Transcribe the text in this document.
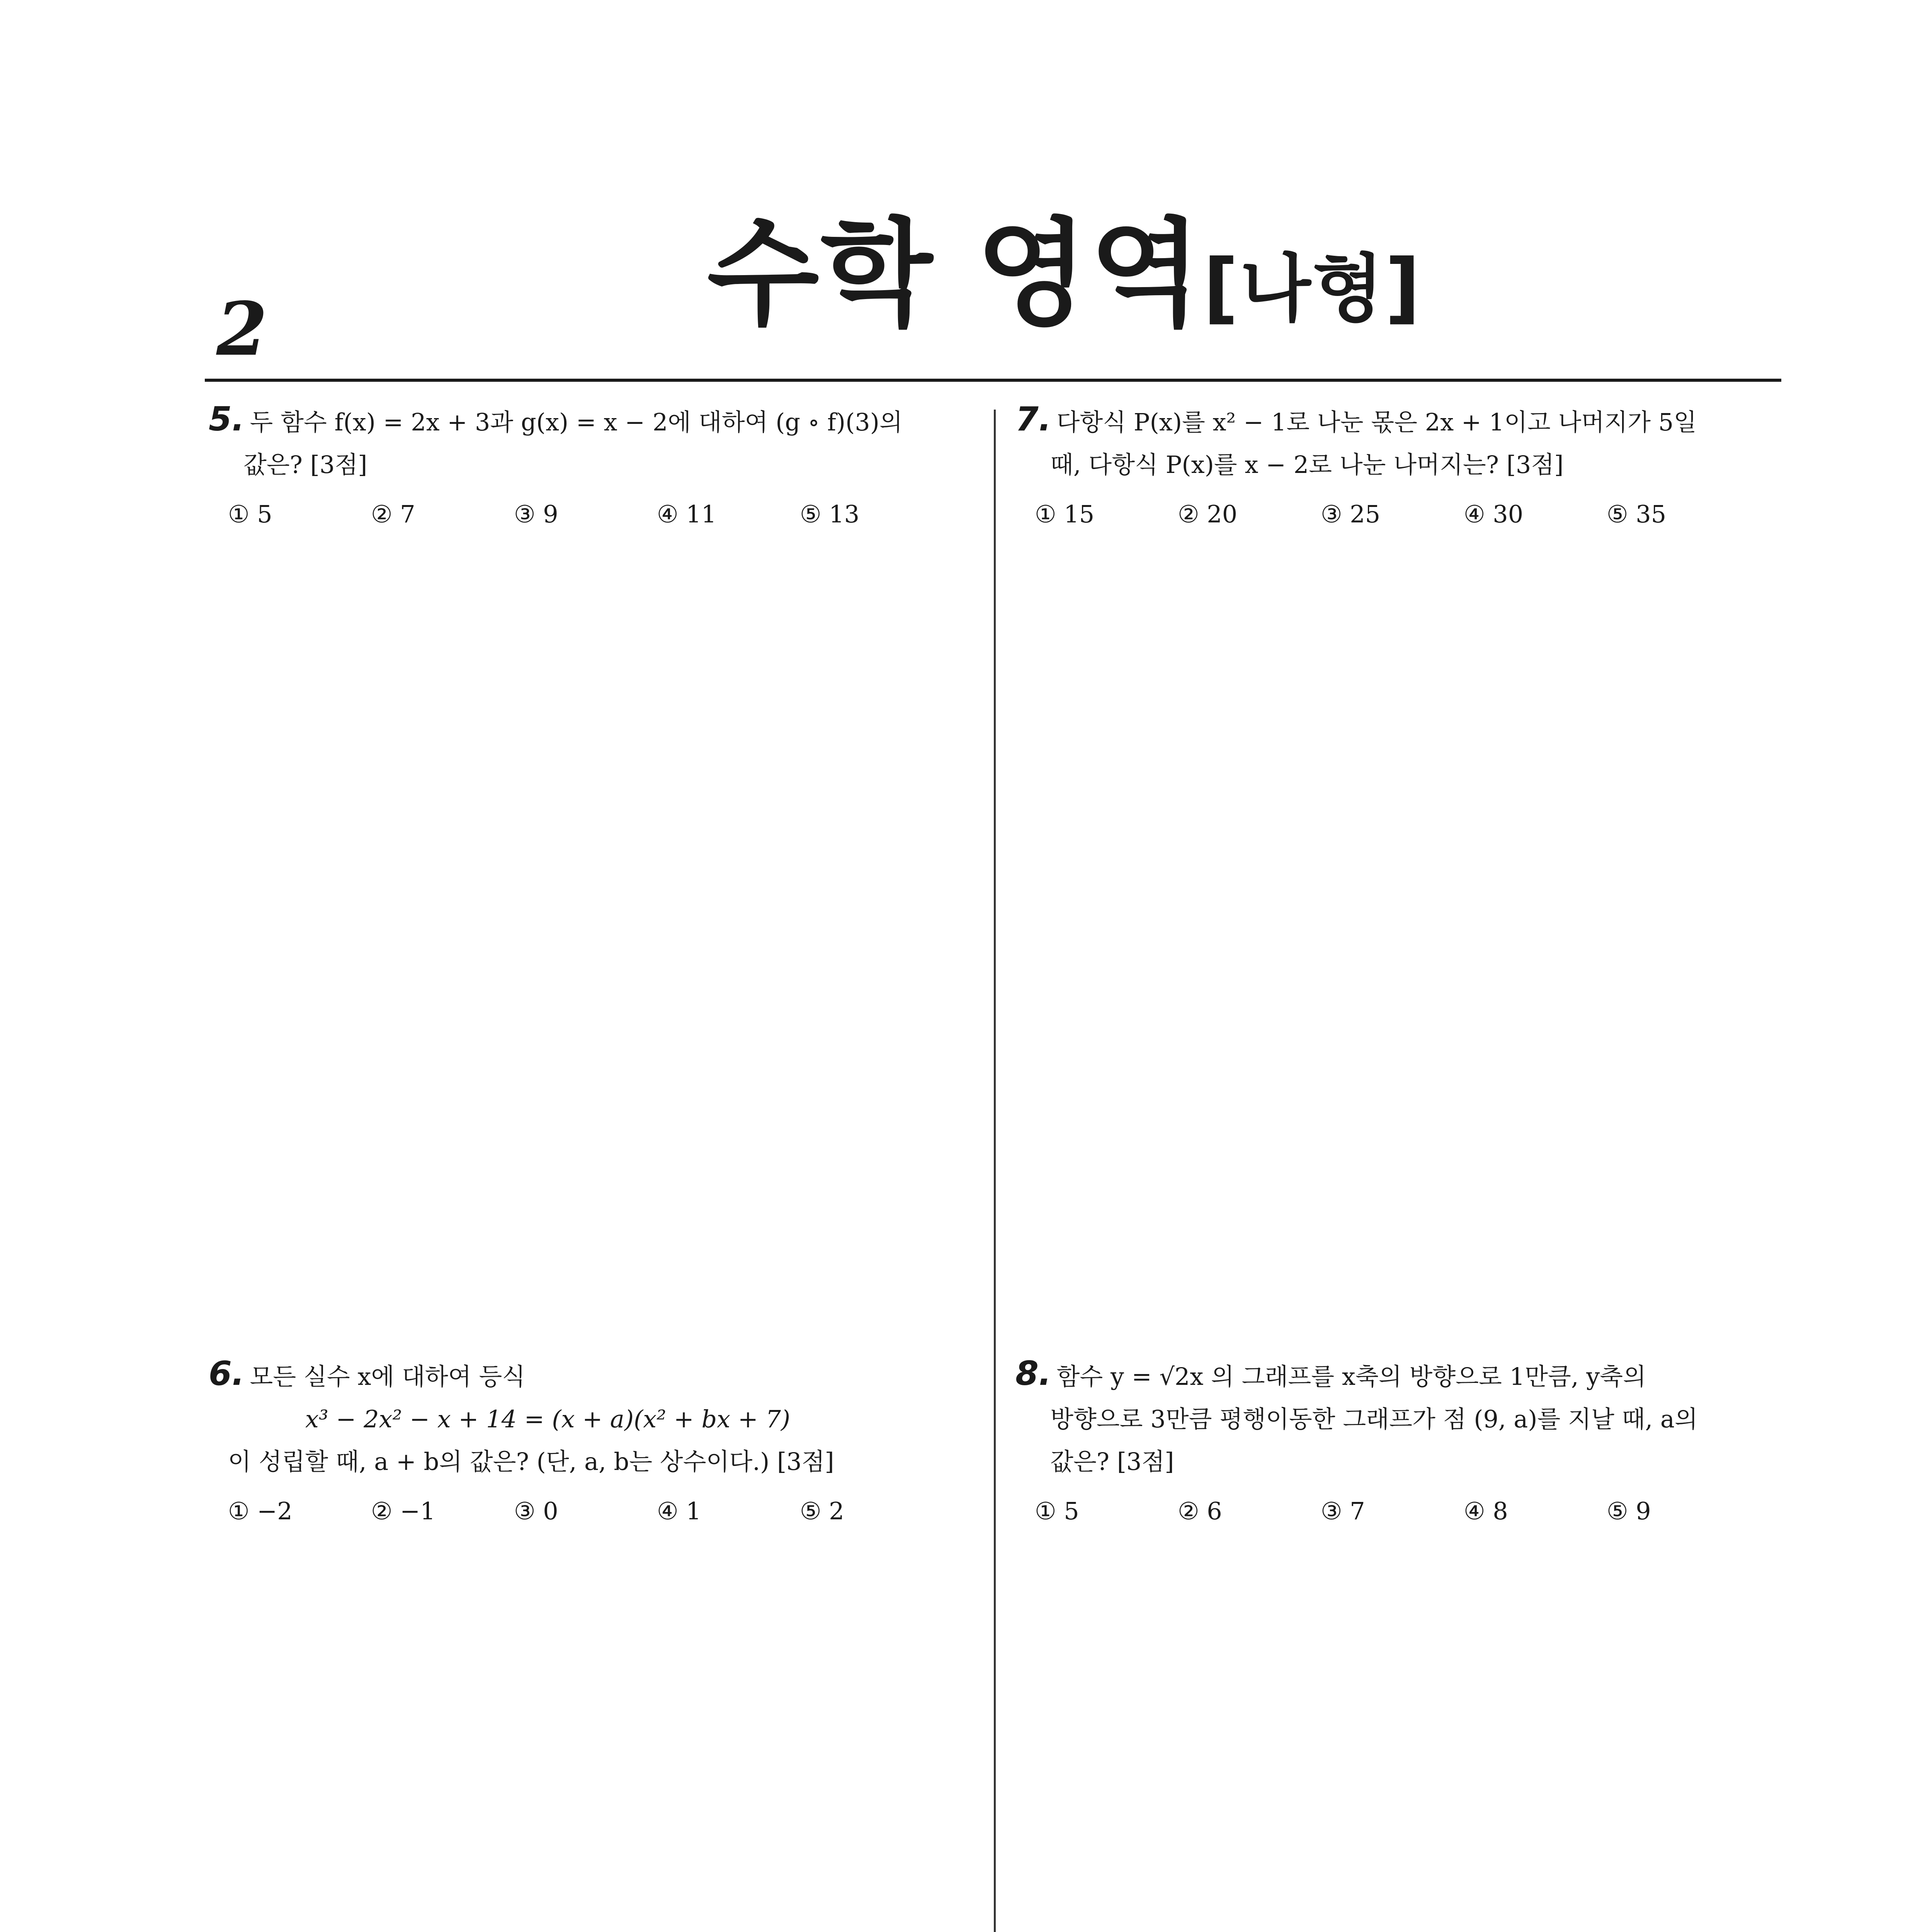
2	수학 영역[나형]
5. 두 함수 f(x) = 2x + 3과 g(x) = x − 2에 대하여 (g ∘ f)(3)의
값은? [3점]
① 5	② 7	③ 9	④ 11	⑤ 13
6. 모든 실수 x에 대하여 등식
x³ − 2x² − x + 14 = (x + a)(x² + bx + 7)
이 성립할 때, a + b의 값은? (단, a, b는 상수이다.) [3점]
① −2	② −1	③ 0	④ 1	⑤ 2
7. 다항식 P(x)를 x² − 1로 나눈 몫은 2x + 1이고 나머지가 5일
때, 다항식 P(x)를 x − 2로 나눈 나머지는? [3점]
① 15	② 20	③ 25	④ 30	⑤ 35
8. 함수 y = √2x 의 그래프를 x축의 방향으로 1만큼, y축의
방향으로 3만큼 평행이동한 그래프가 점 (9, a)를 지날 때, a의
값은? [3점]
① 5	② 6	③ 7	④ 8	⑤ 9
